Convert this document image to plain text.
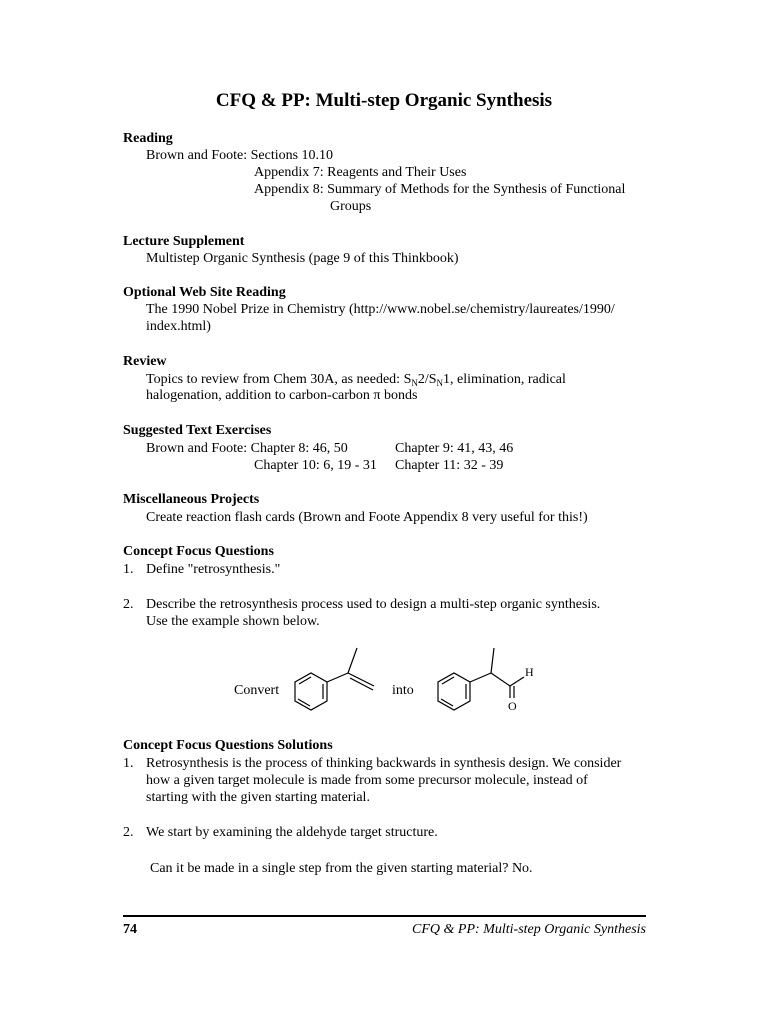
CFQ & PP: Multi-step Organic Synthesis
Reading
Brown and Foote: Sections 10.10
Appendix 7: Reagents and Their Uses
Appendix 8: Summary of Methods for the Synthesis of Functional
Groups
Lecture Supplement
Multistep Organic Synthesis (page 9 of this Thinkbook)
Optional Web Site Reading
The 1990 Nobel Prize in Chemistry (http://www.nobel.se/chemistry/laureates/1990/
index.html)
Review
Topics to review from Chem 30A, as needed: $S_N2/S_N1$, elimination, radical
halogenation, addition to carbon-carbon π bonds
Suggested Text Exercises
Brown and Foote: Chapter 8: 46, 50	Chapter 9: 41, 43, 46
Chapter 10: 6, 19 - 31 Chapter 11: 32 - 39
Miscellaneous Projects
Create reaction flash cards (Brown and Foote Appendix 8 very useful for this!)
Concept Focus Questions
1. Define "retrosynthesis."
2. Describe the retrosynthesis process used to design a multi-step organic synthesis.
Use the example shown below.
Convert	into
H
O
Concept Focus Questions Solutions
1. Retrosynthesis is the process of thinking backwards in synthesis design. We consider
how a given target molecule is made from some precursor molecule, instead of
starting with the given starting material.
2. We start by examining the aldehyde target structure.
Can it be made in a single step from the given starting material? No.
74	CFQ & PP: Multi-step Organic Synthesis
